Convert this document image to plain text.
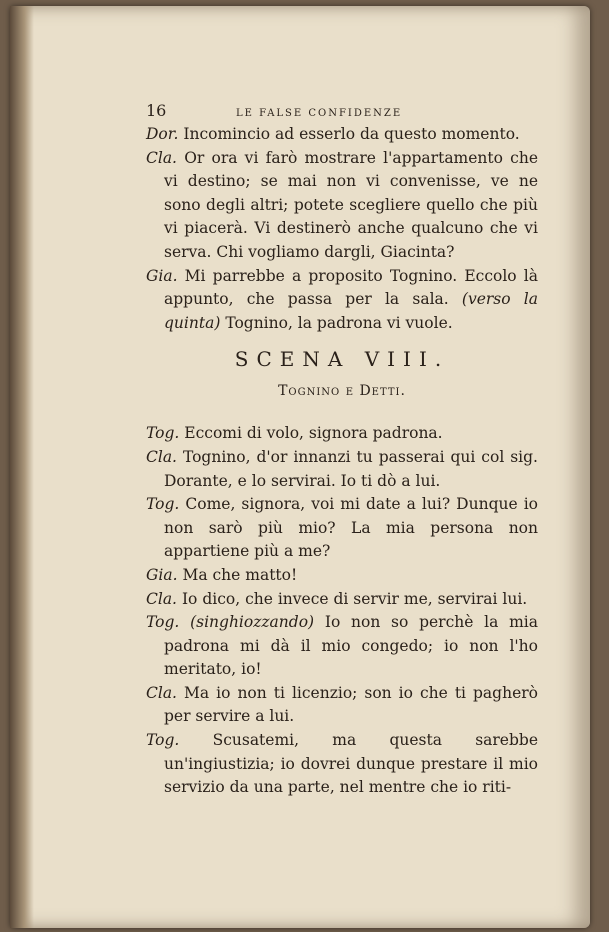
16	LE FALSE CONFIDENZE

Dor. Incomincio ad esserlo da questo momento.

Cla. Or ora vi farò mostrare l'appartamento che vi destino; se mai non vi convenisse, ve ne sono degli altri; potete scegliere quello che più vi piacerà. Vi destinerò anche qualcuno che vi serva. Chi vogliamo dargli, Giacinta?

Gia. Mi parrebbe a proposito Tognino. Eccolo là appunto, che passa per la sala. (verso la quinta) Tognino, la padrona vi vuole.

SCENA VIII.
Tognino e Detti.

Tog. Eccomi di volo, signora padrona.

Cla. Tognino, d'or innanzi tu passerai qui col sig. Dorante, e lo servirai. Io ti dò a lui.

Tog. Come, signora, voi mi date a lui? Dunque io non sarò più mio? La mia persona non appartiene più a me?

Gia. Ma che matto!

Cla. Io dico, che invece di servir me, servirai lui.

Tog. (singhiozzando) Io non so perchè la mia padrona mi dà il mio congedo; io non l'ho meritato, io!

Cla. Ma io non ti licenzio; son io che ti pagherò per servire a lui.

Tog. Scusatemi, ma questa sarebbe un'ingiustizia; io dovrei dunque prestare il mio servizio da una parte, nel mentre che io riti-
